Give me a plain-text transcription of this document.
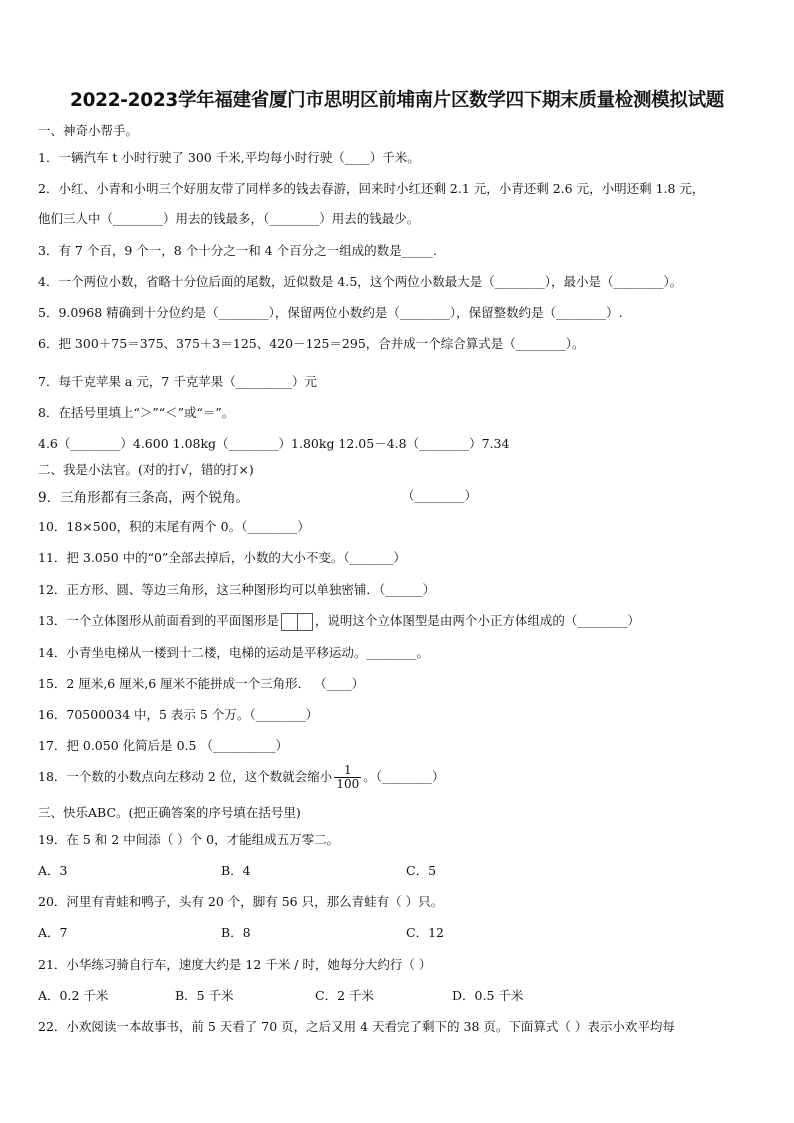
2022-2023学年福建省厦门市思明区前埔南片区数学四下期末质量检测模拟试题
一、神奇小帮手。
1．一辆汽车 t 小时行驶了 300 千米,平均每小时行驶（____）千米。
2．小红、小青和小明三个好朋友带了同样多的钱去春游，回来时小红还剩 2.1 元，小青还剩 2.6 元，小明还剩 1.8 元，
他们三人中（________）用去的钱最多，（________）用去的钱最少。
3．有 7 个百，9 个一，8 个十分之一和 4 个百分之一组成的数是_____.
4．一个两位小数，省略十分位后面的尾数，近似数是 4.5，这个两位小数最大是（________），最小是（________）。
5．9.0968 精确到十分位约是（________），保留两位小数约是（________），保留整数约是（________）.
6．把 300＋75＝375、375＋3＝125、420－125＝295，合并成一个综合算式是（________）。
7．每千克苹果 a 元，7 千克苹果（_________）元
8．在括号里填上“＞”“＜”或“＝”。
4.6（________）4.600 1.08kg（________）1.80kg 12.05－4.8（________）7.34
二、我是小法官。(对的打√，错的打×)
9．三角形都有三条高，两个锐角。	（________）
10．18×500，积的末尾有两个 0。（________）
11．把 3.050 中的“0”全部去掉后，小数的大小不变。（_______）
12．正方形、圆、等边三角形，这三种图形均可以单独密铺．（______）
13．一个立体图形从前面看到的平面图形是	，说明这个立体图型是由两个小正方体组成的（________）
14．小青坐电梯从一楼到十二楼，电梯的运动是平移运动。________。
15．2 厘米,6 厘米,6 厘米不能拼成一个三角形． （____）
16．70500034 中，5 表示 5 个万。（________）
17．把 0.050 化简后是 0.5 （__________）
18．一个数的小数点向左移动 2 位，这个数就会缩小 $\frac{1}{100}$ 。（________）
三、快乐ABC。(把正确答案的序号填在括号里)
19．在 5 和 2 中间添（ ）个 0，才能组成五万零二。
A．3	B．4	C．5
20．河里有青蛙和鸭子，头有 20 个，脚有 56 只，那么青蛙有（ ）只。
A．7	B．8	C．12
21．小华练习骑自行车，速度大约是 12 千米 / 时，她每分大约行（ ）
A．0.2 千米	B．5 千米	C．2 千米	D．0.5 千米
22．小欢阅读一本故事书，前 5 天看了 70 页，之后又用 4 天看完了剩下的 38 页。下面算式（ ）表示小欢平均每
